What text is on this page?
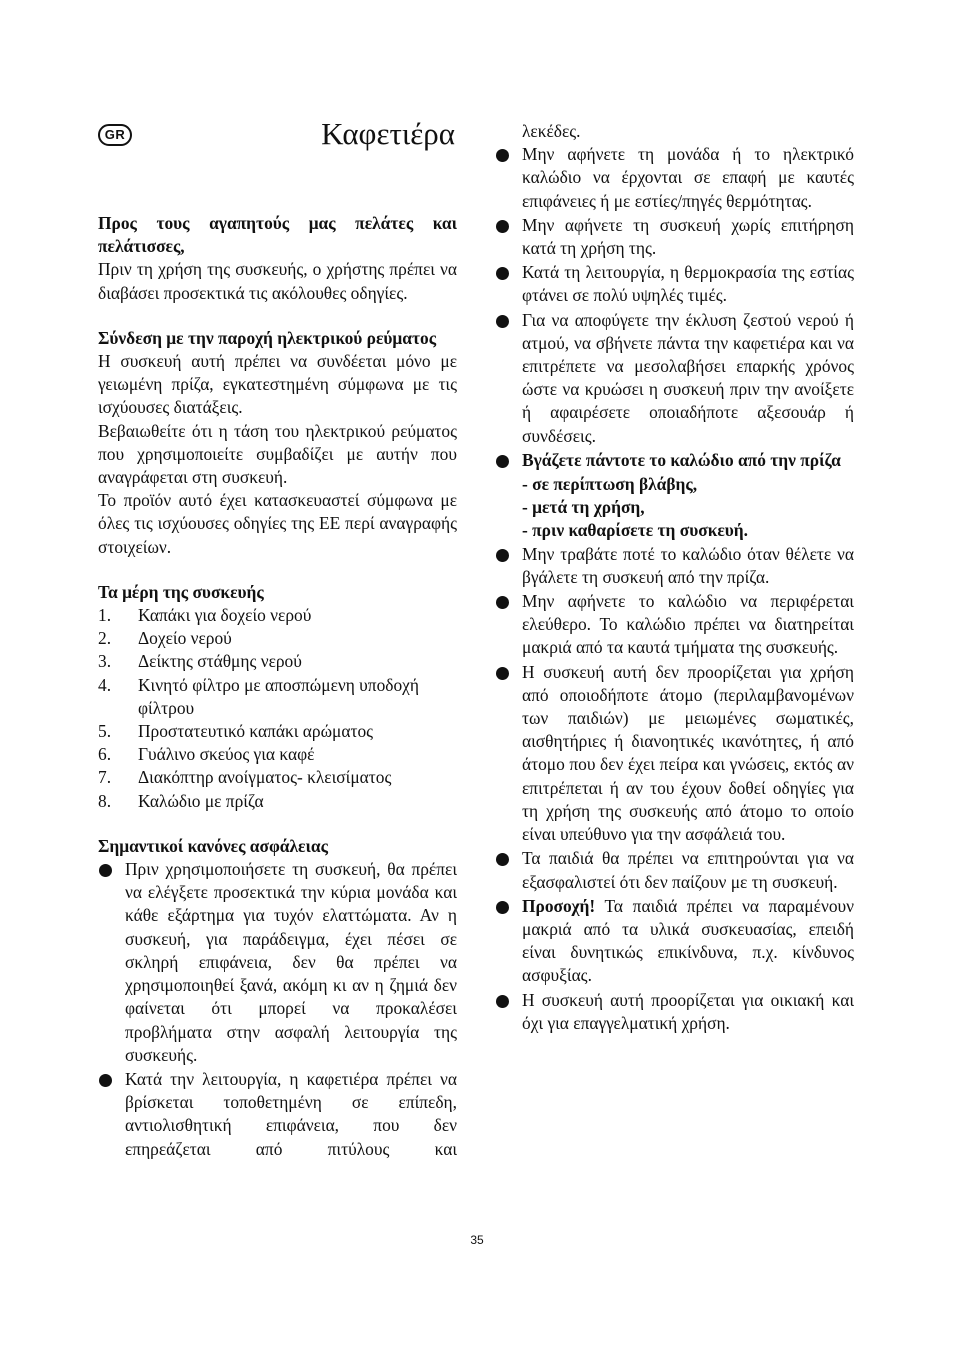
GR	Καφετιέρα

Προς τους αγαπητούς μας πελάτες και πελάτισσες,

Πριν τη χρήση της συσκευής, ο χρήστης πρέπει να διαβάσει προσεκτικά τις ακόλουθες οδηγίες.

Σύνδεση με την παροχή ηλεκτρικού ρεύματος

Η συσκευή αυτή πρέπει να συνδέεται μόνο με γειωμένη πρίζα, εγκατεστημένη σύμφωνα με τις ισχύουσες διατάξεις.

Βεβαιωθείτε ότι η τάση του ηλεκτρικού ρεύματος που χρησιμοποιείτε συμβαδίζει με αυτήν που αναγράφεται στη συσκευή.

Το προϊόν αυτό έχει κατασκευαστεί σύμφωνα με όλες τις ισχύουσες οδηγίες της ΕΕ περί αναγραφής στοιχείων.

Τα μέρη της συσκευής

1.	Καπάκι για δοχείο νερού
2.	Δοχείο νερού
3.	Δείκτης στάθμης νερού
4.	Κινητό φίλτρο με αποσπώμενη υποδοχή φίλτρου
5.	Προστατευτικό καπάκι αρώματος
6.	Γυάλινο σκεύος για καφέ
7.	Διακόπτηρ ανοίγματος- κλεισίματος
8.	Καλώδιο με πρίζα

Σημαντικοί κανόνες ασφάλειας

Πριν χρησιμοποιήσετε τη συσκευή, θα πρέπει να ελέγξετε προσεκτικά την κύρια μονάδα και κάθε εξάρτημα για τυχόν ελαττώματα. Αν η συσκευή, για παράδειγμα, έχει πέσει σε σκληρή επιφάνεια, δεν θα πρέπει να χρησιμοποιηθεί ξανά, ακόμη κι αν η ζημιά δεν φαίνεται ότι μπορεί να προκαλέσει προβλήματα στην ασφαλή λειτουργία της συσκευής.
Κατά την λειτουργία, η καφετιέρα πρέπει να βρίσκεται τοποθετημένη σε επίπεδη, αντιολισθητική επιφάνεια, που δεν επηρεάζεται από πιτύλους και

λεκέδες.

Μην αφήνετε τη μονάδα ή το ηλεκτρικό καλώδιο να έρχονται σε επαφή με καυτές επιφάνειες ή με εστίες/πηγές θερμότητας.
Μην αφήνετε τη συσκευή χωρίς επιτήρηση κατά τη χρήση της.
Κατά τη λειτουργία, η θερμοκρασία της εστίας φτάνει σε πολύ υψηλές τιμές.
Για να αποφύγετε την έκλυση ζεστού νερού ή ατμού, να σβήνετε πάντα την καφετιέρα και να επιτρέπετε να μεσολαβήσει επαρκής χρόνος ώστε να κρυώσει η συσκευή πριν την ανοίξετε ή αφαιρέσετε οποιαδήποτε αξεσουάρ ή συνδέσεις.
Βγάζετε πάντοτε το καλώδιο από την πρίζα

- σε περίπτωση βλάβης,

- μετά τη χρήση,

- πριν καθαρίσετε τη συσκευή.

Μην τραβάτε ποτέ το καλώδιο όταν θέλετε να βγάλετε τη συσκευή από την πρίζα.
Μην αφήνετε το καλώδιο να περιφέρεται ελεύθερο. Το καλώδιο πρέπει να διατηρείται μακριά από τα καυτά τμήματα της συσκευής.
Η συσκευή αυτή δεν προορίζεται για χρήση από οποιοδήποτε άτομο (περιλαμβανομένων των παιδιών) με μειωμένες σωματικές, αισθητήριες ή διανοητικές ικανότητες, ή από άτομο που δεν έχει πείρα και γνώσεις, εκτός αν επιτρέπεται ή αν του έχουν δοθεί οδηγίες για τη χρήση της συσκευής από άτομο το οποίο είναι υπεύθυνο για την ασφάλειά του.
Τα παιδιά θα πρέπει να επιτηρούνται για να εξασφαλιστεί ότι δεν παίζουν με τη συσκευή.
Προσοχή! Τα παιδιά πρέπει να παραμένουν μακριά από τα υλικά συσκευασίας, επειδή είναι δυνητικώς επικίνδυνα, π.χ. κίνδυνος ασφυξίας.
Η συσκευή αυτή προορίζεται για οικιακή και όχι για επαγγελματική χρήση.
35
